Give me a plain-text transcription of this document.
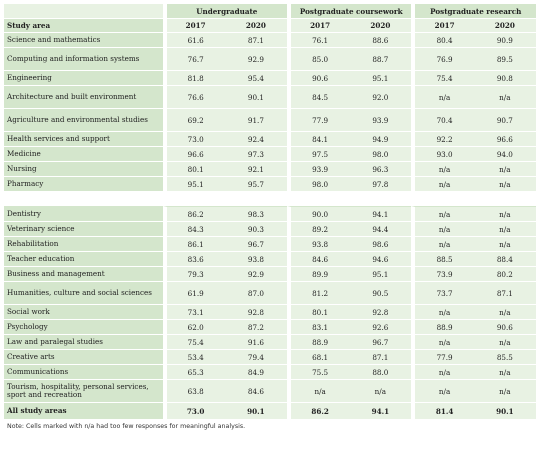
	Undergraduate		Postgraduate coursework		Postgraduate research	
Study area	2017	2020	2017	2020	2017	2020
Science and mathematics	61.6	87.1	76.1	88.6	80.4	90.9
Computing and information systems	76.7	92.9	85.0	88.7	76.9	89.5
Engineering	81.8	95.4	90.6	95.1	75.4	90.8
Architecture and built environment	76.6	90.1	84.5	92.0	n/a	n/a
Agriculture and environmental studies	69.2	91.7	77.9	93.9	70.4	90.7
Health services and support	73.0	92.4	84.1	94.9	92.2	96.6
Medicine	96.6	97.3	97.5	98.0	93.0	94.0
Nursing	80.1	92.1	93.9	96.3	n/a	n/a
Pharmacy	95.1	95.7	98.0	97.8	n/a	n/a

Dentistry	86.2	98.3	90.0	94.1	n/a	n/a
Veterinary science	84.3	90.3	89.2	94.4	n/a	n/a
Rehabilitation	86.1	96.7	93.8	98.6	n/a	n/a
Teacher education	83.6	93.8	84.6	94.6	88.5	88.4
Business and management	79.3	92.9	89.9	95.1	73.9	80.2
Humanities, culture and social sciences	61.9	87.0	81.2	90.5	73.7	87.1
Social work	73.1	92.8	80.1	92.8	n/a	n/a
Psychology	62.0	87.2	83.1	92.6	88.9	90.6
Law and paralegal studies	75.4	91.6	88.9	96.7	n/a	n/a
Creative arts	53.4	79.4	68.1	87.1	77.9	85.5
Communications	65.3	84.9	75.5	88.0	n/a	n/a
Tourism, hospitality, personal services, sport and recreation	63.8	84.6	n/a	n/a	n/a	n/a
All study areas	73.0	90.1	86.2	94.1	81.4	90.1
Note: Cells marked with n/a had too few responses for meaningful analysis.
